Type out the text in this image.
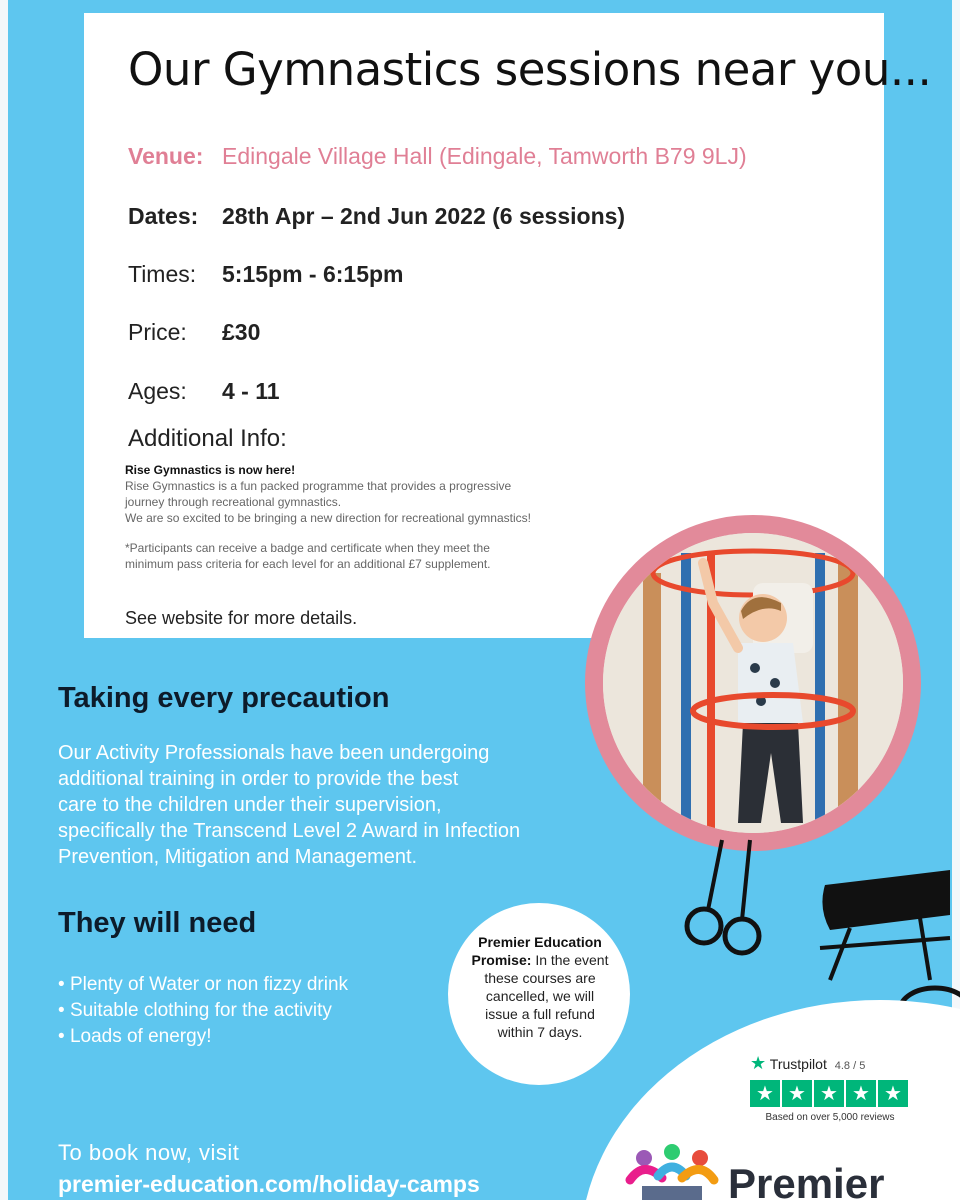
Our Gymnastics sessions near you...
Venue: Edingale Village Hall (Edingale, Tamworth B79 9LJ)
Dates: 28th Apr – 2nd Jun 2022 (6 sessions)
Times: 5:15pm - 6:15pm
Price: £30
Ages: 4 - 11
Additional Info:

Rise Gymnastics is now here!

Rise Gymnastics is a fun packed programme that provides a progressive

journey through recreational gymnastics.

We are so excited to be bringing a new direction for recreational gymnastics!

*Participants can receive a badge and certificate when they meet the

minimum pass criteria for each level for an additional £7 supplement.

See website for more details.
Taking every precaution
Our Activity Professionals have been undergoing
additional training in order to provide the best
care to the children under their supervision,
specifically the Transcend Level 2 Award in Infection
Prevention, Mitigation and Management.
They will need
• Plenty of Water or non fizzy drink
• Suitable clothing for the activity
• Loads of energy!
Premier Education Promise: In the event these courses are cancelled, we will issue a full refund within 7 days.
★ Trustpilot 4.8 / 5
★ ★ ★ ★ ★
Based on over 5,000 reviews
To book now, visit
premier-education.com/holiday-camps	Premier
